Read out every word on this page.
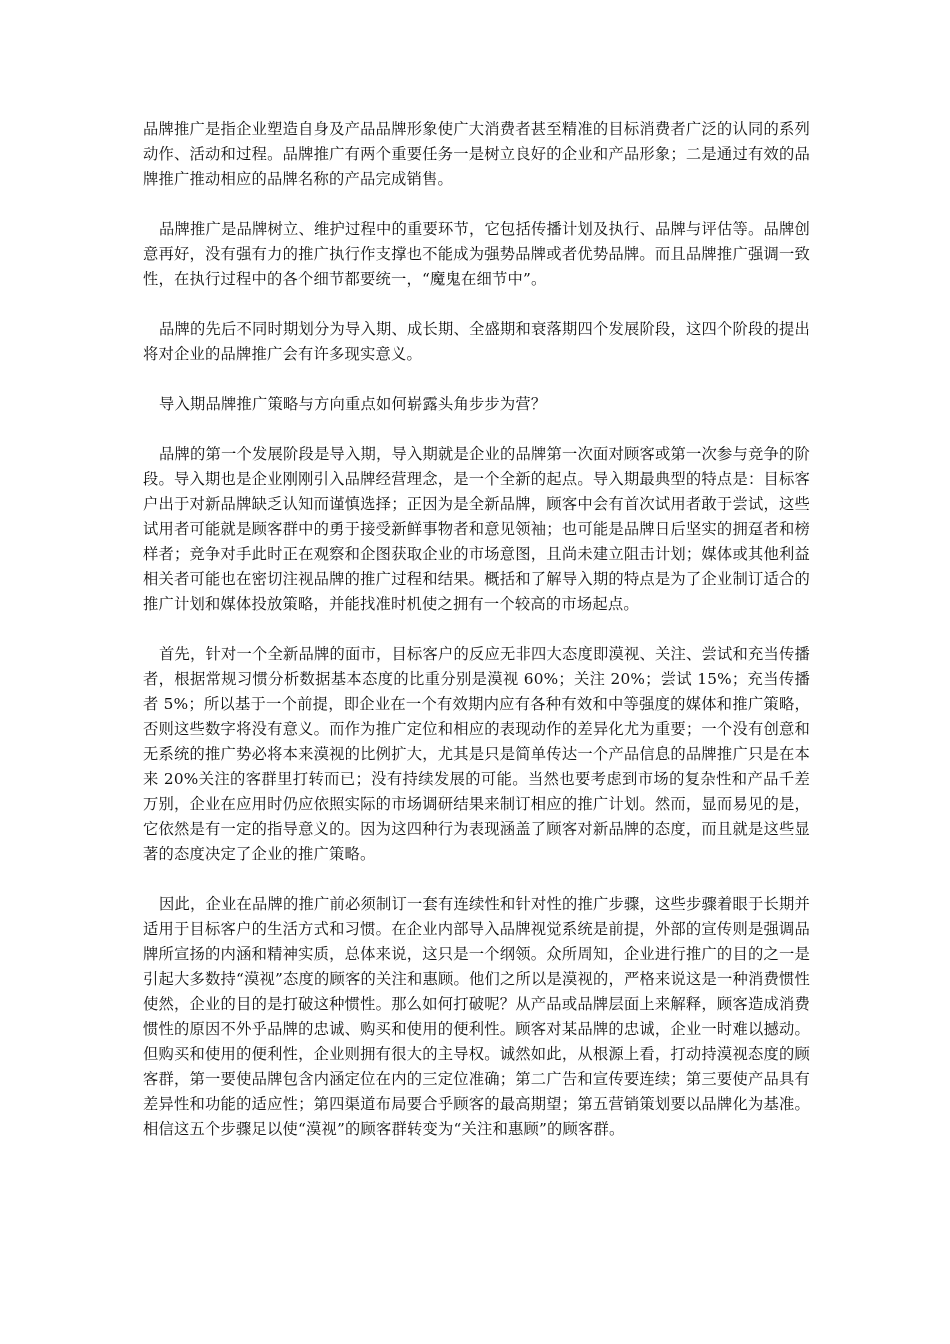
品牌推广是指企业塑造自身及产品品牌形象使广大消费者甚至精准的目标消费者广泛的认同的系列动作、活动和过程。品牌推广有两个重要任务一是树立良好的企业和产品形象；二是通过有效的品牌推广推动相应的品牌名称的产品完成销售。

品牌推广是品牌树立、维护过程中的重要环节，它包括传播计划及执行、品牌与评估等。品牌创意再好，没有强有力的推广执行作支撑也不能成为强势品牌或者优势品牌。而且品牌推广强调一致性，在执行过程中的各个细节都要统一，“魔鬼在细节中”。

品牌的先后不同时期划分为导入期、成长期、全盛期和衰落期四个发展阶段，这四个阶段的提出将对企业的品牌推广会有许多现实意义。

导入期品牌推广策略与方向重点如何崭露头角步步为营？

品牌的第一个发展阶段是导入期，导入期就是企业的品牌第一次面对顾客或第一次参与竞争的阶段。导入期也是企业刚刚引入品牌经营理念，是一个全新的起点。导入期最典型的特点是：目标客户出于对新品牌缺乏认知而谨慎选择；正因为是全新品牌，顾客中会有首次试用者敢于尝试，这些试用者可能就是顾客群中的勇于接受新鲜事物者和意见领袖；也可能是品牌日后坚实的拥趸者和榜样者；竞争对手此时正在观察和企图获取企业的市场意图，且尚未建立阻击计划；媒体或其他利益相关者可能也在密切注视品牌的推广过程和结果。概括和了解导入期的特点是为了企业制订适合的推广计划和媒体投放策略，并能找准时机使之拥有一个较高的市场起点。

首先，针对一个全新品牌的面市，目标客户的反应无非四大态度即漠视、关注、尝试和充当传播者，根据常规习惯分析数据基本态度的比重分别是漠视 60%；关注 20%；尝试 15%；充当传播者 5%；所以基于一个前提，即企业在一个有效期内应有各种有效和中等强度的媒体和推广策略，否则这些数字将没有意义。而作为推广定位和相应的表现动作的差异化尤为重要；一个没有创意和无系统的推广势必将本来漠视的比例扩大，尤其是只是简单传达一个产品信息的品牌推广只是在本来 20%关注的客群里打转而已；没有持续发展的可能。当然也要考虑到市场的复杂性和产品千差万别，企业在应用时仍应依照实际的市场调研结果来制订相应的推广计划。然而，显而易见的是，它依然是有一定的指导意义的。因为这四种行为表现涵盖了顾客对新品牌的态度，而且就是这些显著的态度决定了企业的推广策略。

因此，企业在品牌的推广前必须制订一套有连续性和针对性的推广步骤，这些步骤着眼于长期并适用于目标客户的生活方式和习惯。在企业内部导入品牌视觉系统是前提，外部的宣传则是强调品牌所宣扬的内涵和精神实质，总体来说，这只是一个纲领。众所周知，企业进行推广的目的之一是引起大多数持“漠视”态度的顾客的关注和惠顾。他们之所以是漠视的，严格来说这是一种消费惯性使然，企业的目的是打破这种惯性。那么如何打破呢？从产品或品牌层面上来解释，顾客造成消费惯性的原因不外乎品牌的忠诚、购买和使用的便利性。顾客对某品牌的忠诚，企业一时难以撼动。但购买和使用的便利性，企业则拥有很大的主导权。诚然如此，从根源上看，打动持漠视态度的顾客群，第一要使品牌包含内涵定位在内的三定位准确；第二广告和宣传要连续；第三要使产品具有差异性和功能的适应性；第四渠道布局要合乎顾客的最高期望；第五营销策划要以品牌化为基准。相信这五个步骤足以使“漠视”的顾客群转变为“关注和惠顾”的顾客群。
